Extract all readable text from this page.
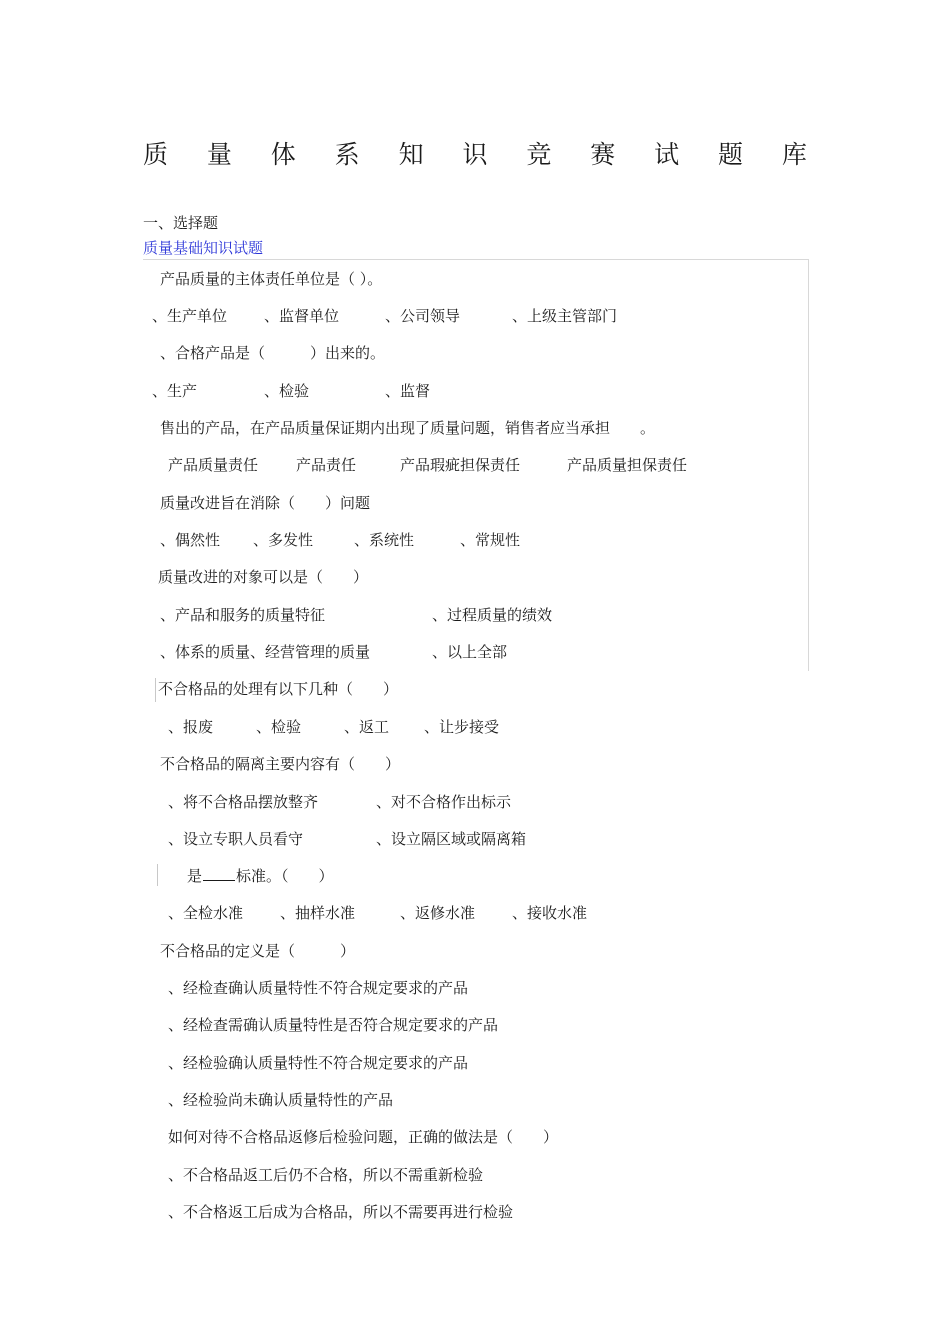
质 量 体 系 知 识 竞 赛 试 题 库
一、选择题
质量基础知识试题
产品质量的主体责任单位是（ ）。
、生产单位 、监督单位	、公司领导	、上级主管部门
、合格产品是（　　　）出来的。
、生产	、检验	、监督
售出的产品，在产品质量保证期内出现了质量问题，销售者应当承担　　。
产品质量责任	产品责任	产品瑕疵担保责任	产品质量担保责任
质量改进旨在消除（　　）问题
、偶然性 、多发性	、系统性	、常规性
质量改进的对象可以是（　　）
、产品和服务的质量特征	、过程质量的绩效
、体系的质量、经营管理的质量	、以上全部
不合格品的处理有以下几种（　　）
、报废	、检验	、返工 、让步接受
不合格品的隔离主要内容有（　　）
、将不合格品摆放整齐	、对不合格作出标示
、设立专职人员看守	、设立隔区域或隔离箱
是 标准。（　　）
、全检水准 、抽样水准	、返修水准 、接收水准
不合格品的定义是（　　　）
、经检查确认质量特性不符合规定要求的产品
、经检查需确认质量特性是否符合规定要求的产品
、经检验确认质量特性不符合规定要求的产品
、经检验尚未确认质量特性的产品
如何对待不合格品返修后检验问题，正确的做法是（　　）
、不合格品返工后仍不合格，所以不需重新检验
、不合格返工后成为合格品，所以不需要再进行检验
